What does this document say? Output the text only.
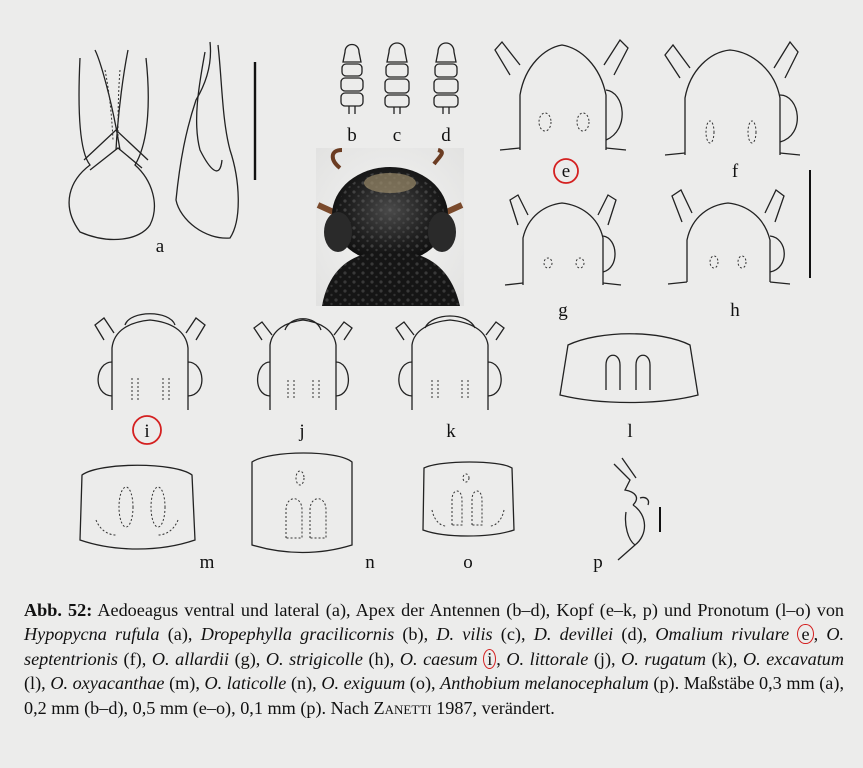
a
b c d
e	f
g	h
i	j	k	l
m	n	o	p
Abb. 52: Aedoeagus ventral und lateral (a), Apex der Antennen (b–d), Kopf (e–k, p) und Pronotum (l–o) von Hypopycna rufula (a), Dropephylla gracilicornis (b), D. vilis (c), D. devillei (d), Omalium rivulare e , O. septentrionis (f), O. allardii (g), O. strigicolle (h), O. caesum i , O. littorale (j), O. rugatum (k), O. excavatum (l), O. oxyacanthae (m), O. laticolle (n), O. exiguum (o), Anthobium melanocephalum (p). Maßstäbe 0,3 mm (a), 0,2 mm (b–d), 0,5 mm (e–o), 0,1 mm (p). Nach Zanetti 1987, verändert.
